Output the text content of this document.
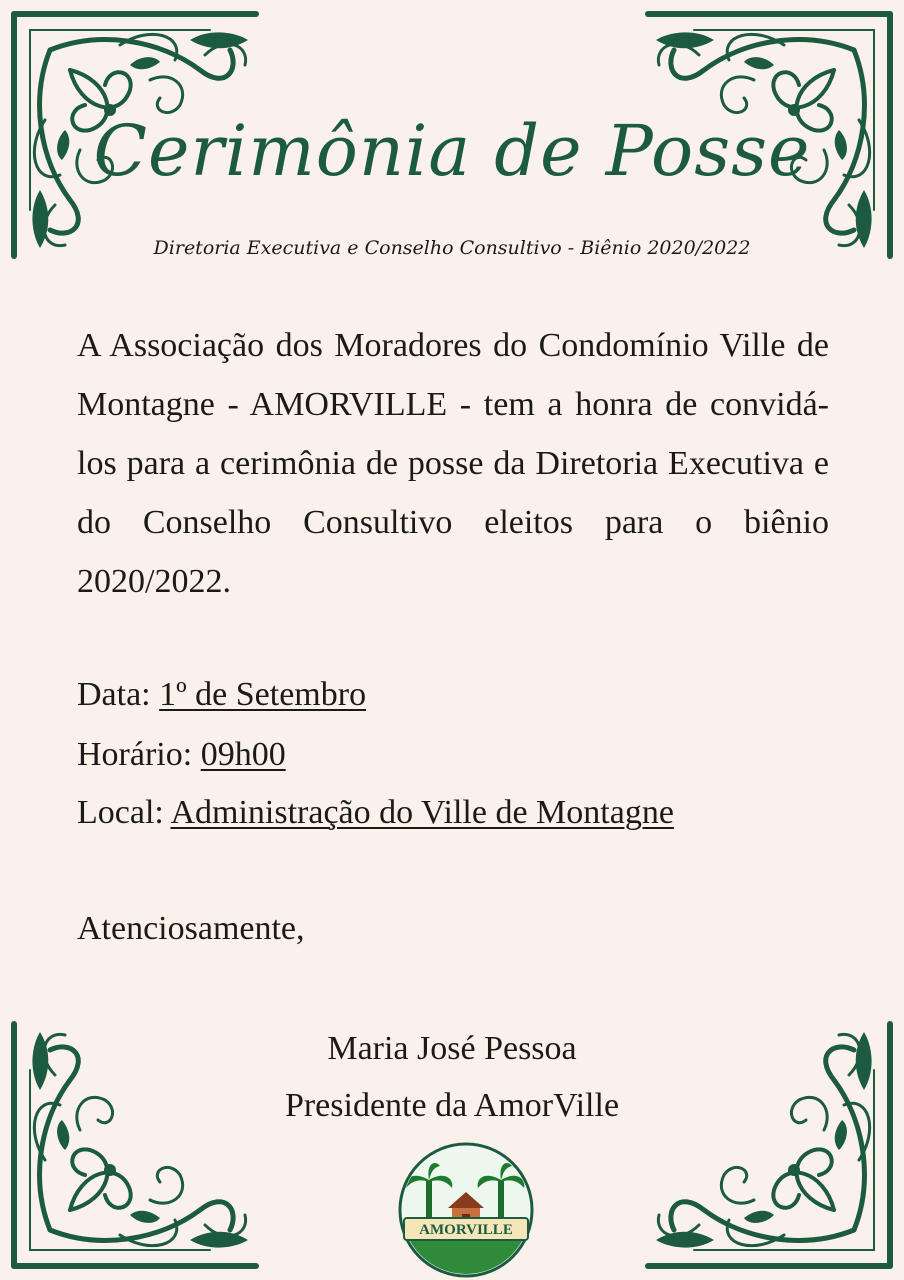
Cerimônia de Posse
Diretoria Executiva e Conselho Consultivo - Biênio 2020/2022

A Associação dos Moradores do Condomínio Ville de Montagne - AMORVILLE - tem a honra de convidá-los para a cerimônia de posse da Diretoria Executiva e do Conselho Consultivo eleitos para o biênio 2020/2022.

Data: 1º de Setembro
Horário: 09h00
Local: Administração do Ville de Montagne
Atenciosamente,
Maria José Pessoa
Presidente da AmorVille
AMORVILLE
